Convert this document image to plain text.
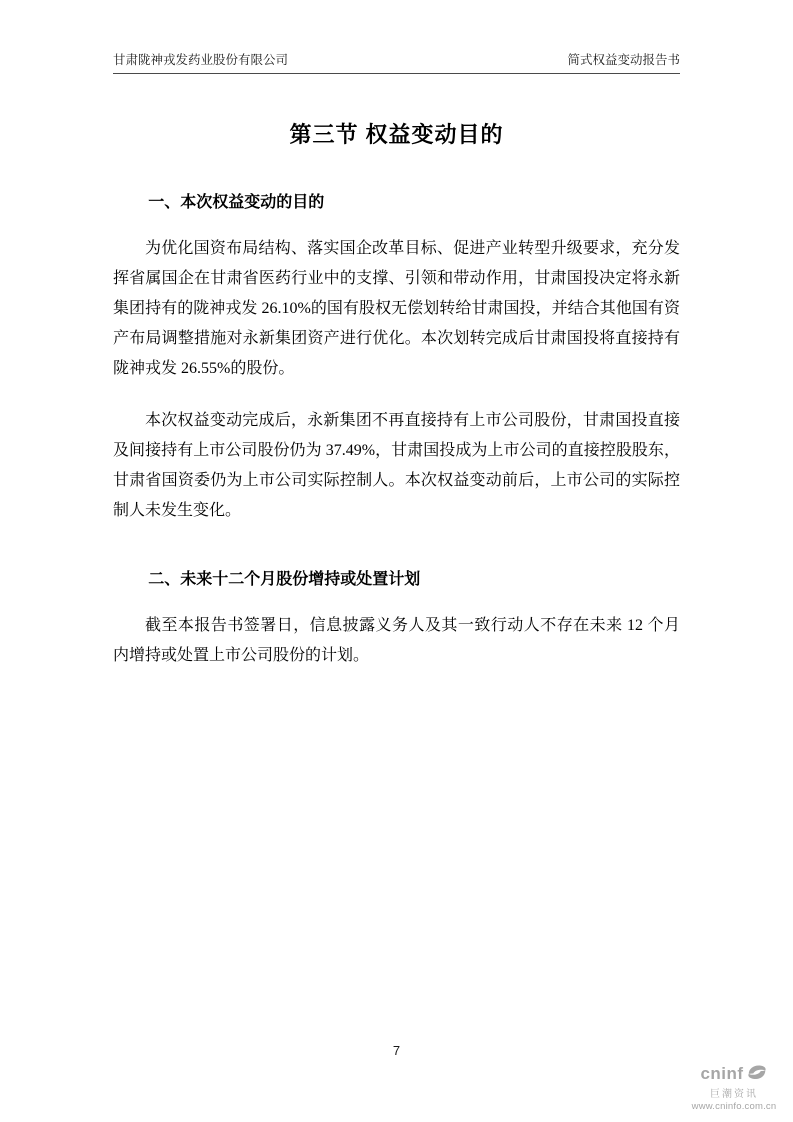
甘肃陇神戎发药业股份有限公司	简式权益变动报告书
第三节 权益变动目的
一、本次权益变动的目的

为优化国资布局结构、落实国企改革目标、促进产业转型升级要求，充分发挥省属国企在甘肃省医药行业中的支撑、引领和带动作用，甘肃国投决定将永新集团持有的陇神戎发 26.10%的国有股权无偿划转给甘肃国投，并结合其他国有资产布局调整措施对永新集团资产进行优化。本次划转完成后甘肃国投将直接持有陇神戎发 26.55%的股份。

本次权益变动完成后，永新集团不再直接持有上市公司股份，甘肃国投直接及间接持有上市公司股份仍为 37.49%，甘肃国投成为上市公司的直接控股股东，甘肃省国资委仍为上市公司实际控制人。本次权益变动前后，上市公司的实际控制人未发生变化。

二、未来十二个月股份增持或处置计划

截至本报告书签署日，信息披露义务人及其一致行动人不存在未来 12 个月内增持或处置上市公司股份的计划。

7
cninf
巨潮资讯
www.cninfo.com.cn
